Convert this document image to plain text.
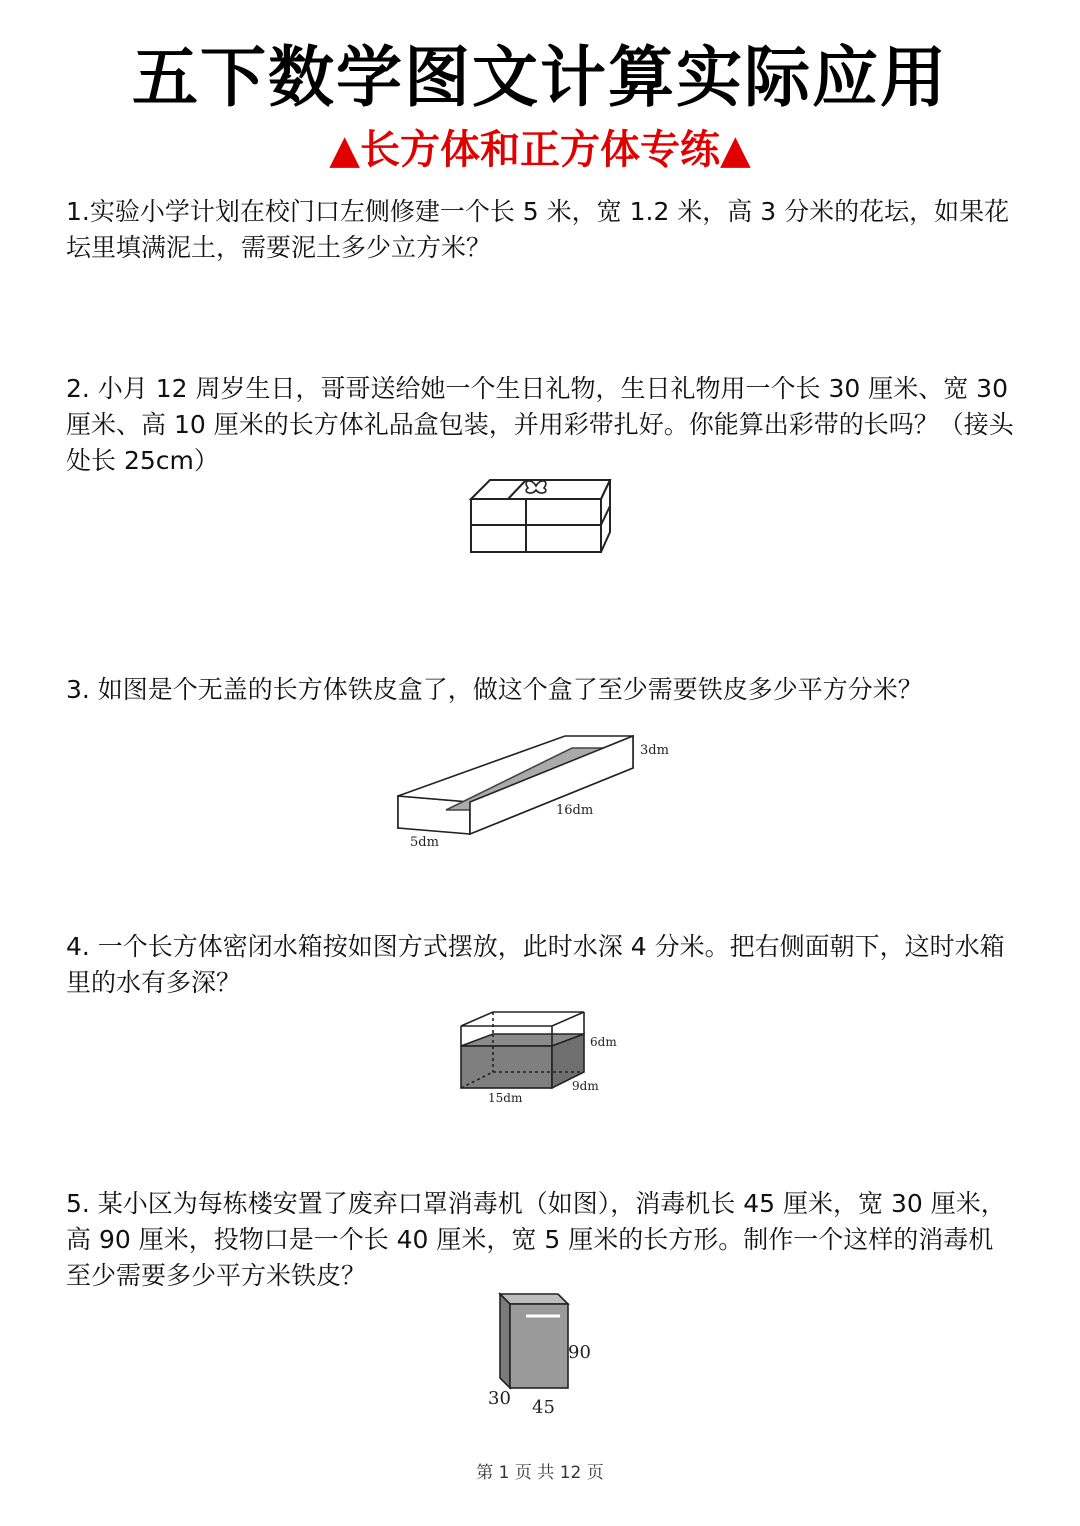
五下数学图文计算实际应用
▲长方体和正方体专练▲
1.实验小学计划在校门口左侧修建一个长 5 米，宽 1.2 米，高 3 分米的花坛，如果花坛里填满泥土，需要泥土多少立方米？
2. 小月 12 周岁生日，哥哥送给她一个生日礼物，生日礼物用一个长 30 厘米、宽 30 厘米、高 10 厘米的长方体礼品盒包装，并用彩带扎好。你能算出彩带的长吗？（接头处长 25cm）
3. 如图是个无盖的长方体铁皮盒了，做这个盒了至少需要铁皮多少平方分米？
3dm
16dm
5dm
4. 一个长方体密闭水箱按如图方式摆放，此时水深 4 分米。把右侧面朝下，这时水箱里的水有多深？
6dm
9dm
15dm
5. 某小区为每栋楼安置了废弃口罩消毒机（如图），消毒机长 45 厘米，宽 30 厘米，高 90 厘米，投物口是一个长 40 厘米，宽 5 厘米的长方形。制作一个这样的消毒机至少需要多少平方米铁皮？
90
30 45
第 1 页 共 12 页
